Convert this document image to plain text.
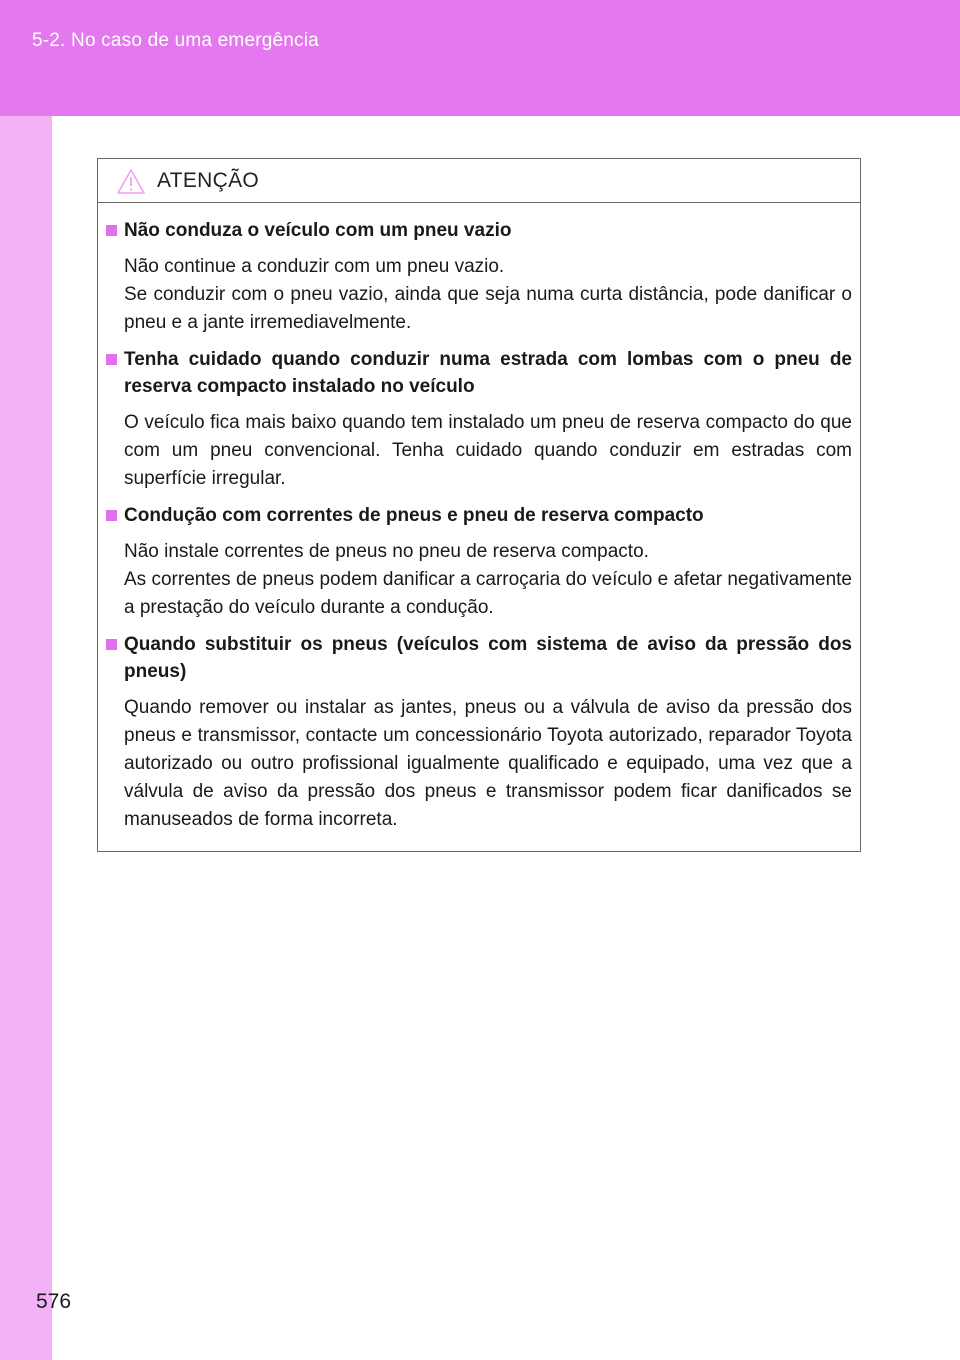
5-2. No caso de uma emergência
ATENÇÃO
Não conduza o veículo com um pneu vazio

Não continue a conduzir com um pneu vazio.

Se conduzir com o pneu vazio, ainda que seja numa curta distância, pode danificar o pneu e a jante irremediavelmente.

Tenha cuidado quando conduzir numa estrada com lombas com o pneu de reserva compacto instalado no veículo

O veículo fica mais baixo quando tem instalado um pneu de reserva compacto do que com um pneu convencional. Tenha cuidado quando conduzir em estradas com superfície irregular.

Condução com correntes de pneus e pneu de reserva compacto

Não instale correntes de pneus no pneu de reserva compacto.

As correntes de pneus podem danificar a carroçaria do veículo e afetar negativamente a prestação do veículo durante a condução.

Quando substituir os pneus (veículos com sistema de aviso da pressão dos pneus)

Quando remover ou instalar as jantes, pneus ou a válvula de aviso da pressão dos pneus e transmissor, contacte um concessionário Toyota autorizado, reparador Toyota autorizado ou outro profissional igualmente qualificado e equipado, uma vez que a válvula de aviso da pressão dos pneus e transmissor podem ficar danificados se manuseados de forma incorreta.

576
